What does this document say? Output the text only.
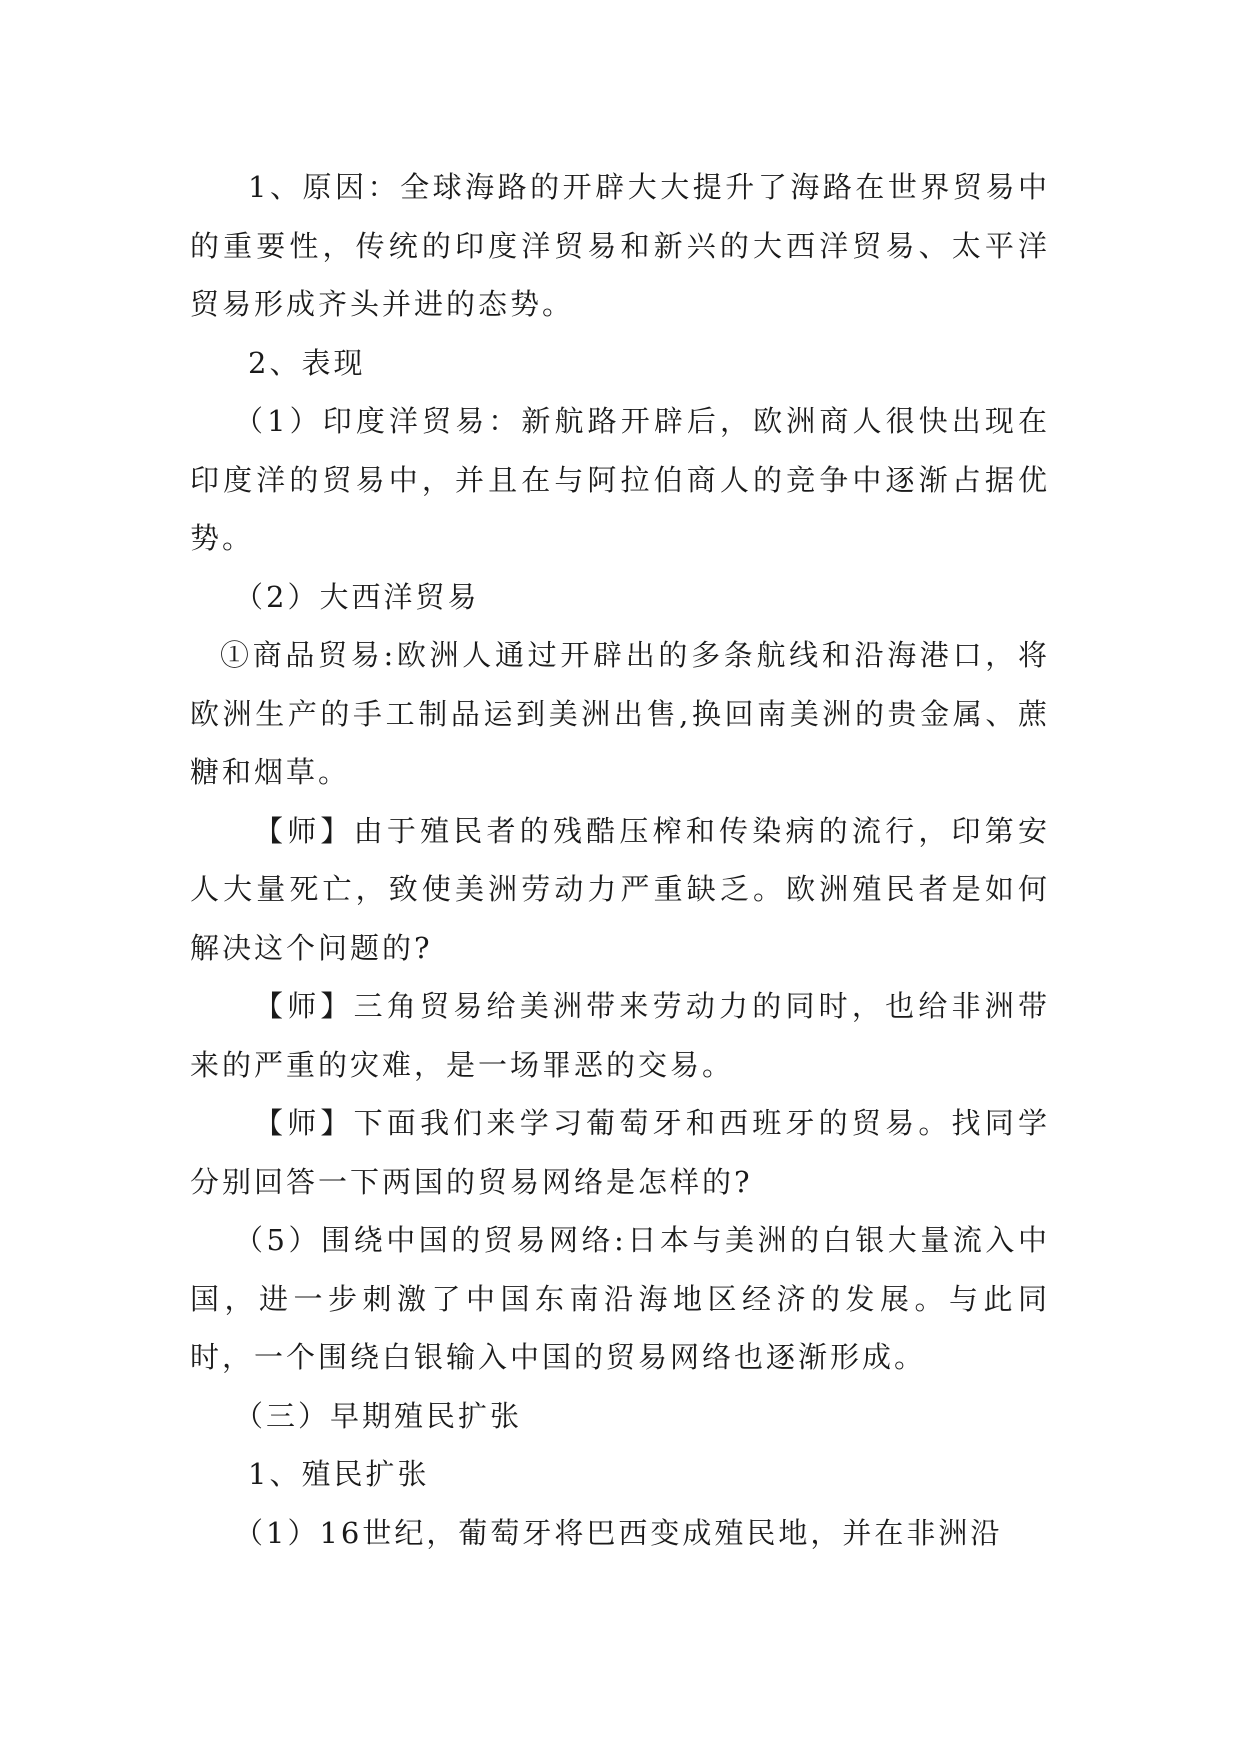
1、原因：全球海路的开辟大大提升了海路在世界贸易中的重要性，传统的印度洋贸易和新兴的大西洋贸易、太平洋贸易形成齐头并进的态势。

2、表现

（1）印度洋贸易：新航路开辟后，欧洲商人很快出现在印度洋的贸易中，并且在与阿拉伯商人的竞争中逐渐占据优势。

（2）大西洋贸易

①商品贸易:欧洲人通过开辟出的多条航线和沿海港口，将欧洲生产的手工制品运到美洲出售,换回南美洲的贵金属、蔗糖和烟草。

【师】由于殖民者的残酷压榨和传染病的流行，印第安人大量死亡，致使美洲劳动力严重缺乏。欧洲殖民者是如何解决这个问题的?

【师】三角贸易给美洲带来劳动力的同时，也给非洲带来的严重的灾难，是一场罪恶的交易。

【师】下面我们来学习葡萄牙和西班牙的贸易。找同学分别回答一下两国的贸易网络是怎样的?

（5）围绕中国的贸易网络:日本与美洲的白银大量流入中国，进一步刺激了中国东南沿海地区经济的发展。与此同时，一个围绕白银输入中国的贸易网络也逐渐形成。

（三）早期殖民扩张

1、殖民扩张

（1）16世纪，葡萄牙将巴西变成殖民地，并在非洲沿
